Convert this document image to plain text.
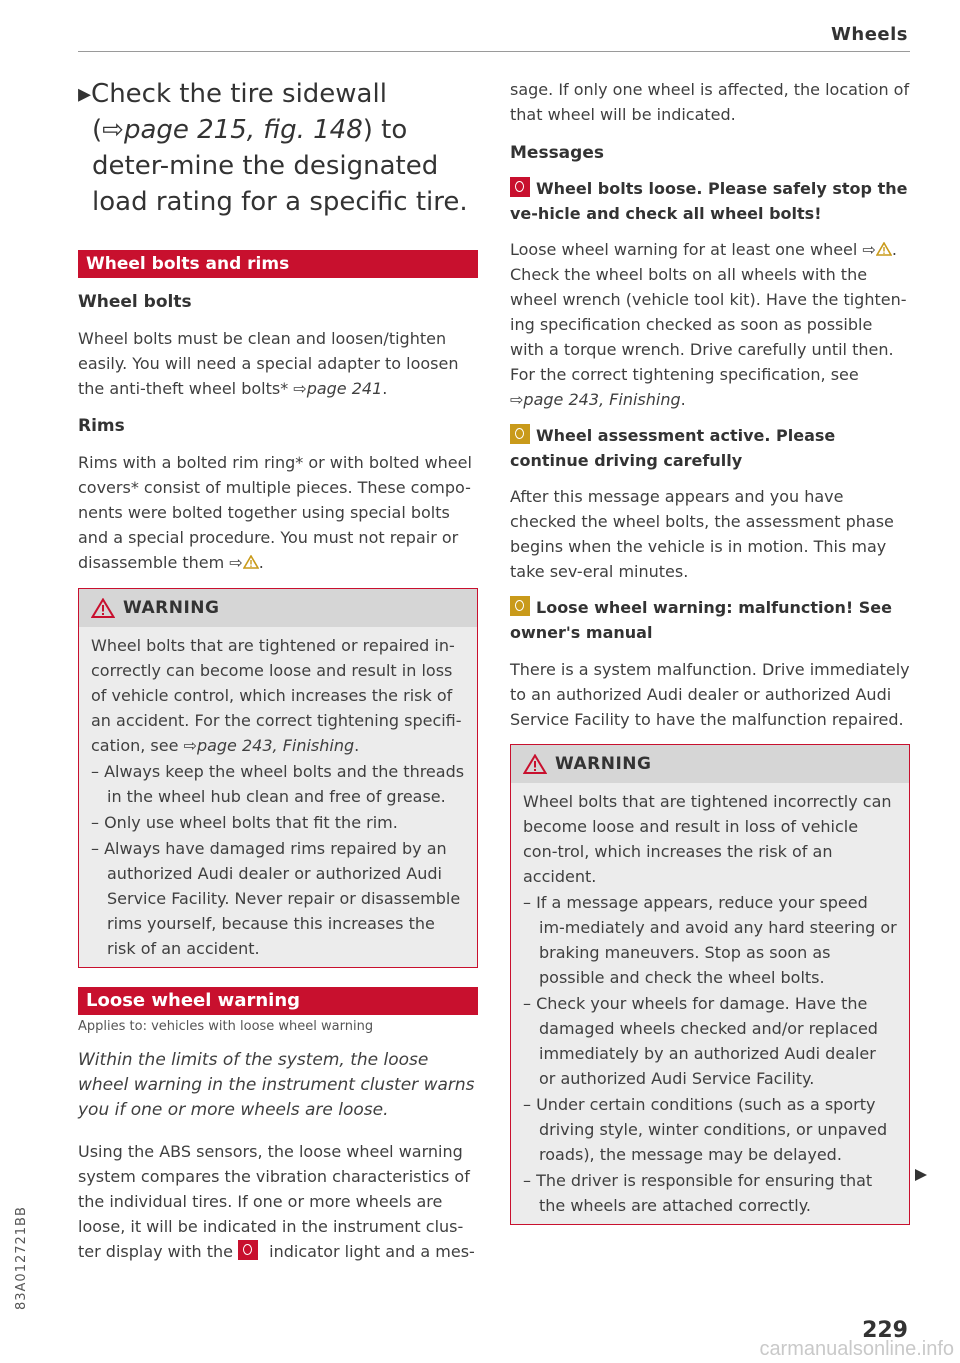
Wheels

▸Check the tire sidewall (⇨page 215, fig. 148) to deter-mine the designated load rating for a specific tire.

Wheel bolts and rims

Wheel bolts

Wheel bolts must be clean and loosen/tighten easily. You will need a special adapter to loosen the anti-theft wheel bolts* ⇨page 241.

Rims

Rims with a bolted rim ring* or with bolted wheel covers* consist of multiple pieces. These compo-nents were bolted together using special bolts and a special procedure. You must not repair or disassemble them ⇨ .

WARNING

Wheel bolts that are tightened or repaired in-correctly can become loose and result in loss of vehicle control, which increases the risk of an accident. For the correct tightening specifi-cation, see ⇨page 243, Finishing.

– Always keep the wheel bolts and the threads in the wheel hub clean and free of grease.

– Only use wheel bolts that fit the rim.

– Always have damaged rims repaired by an authorized Audi dealer or authorized Audi Service Facility. Never repair or disassemble rims yourself, because this increases the risk of an accident.

Loose wheel warning

Applies to: vehicles with loose wheel warning

Within the limits of the system, the loose wheel warning in the instrument cluster warns you if one or more wheels are loose.

Using the ABS sensors, the loose wheel warning system compares the vibration characteristics of the individual tires. If one or more wheels are loose, it will be indicated in the instrument clus-ter display with the
indicator light and a mes-

sage. If only one wheel is affected, the location of that wheel will be indicated.

Messages

Wheel bolts loose. Please safely stop the ve-hicle and check all wheel bolts!

Loose wheel warning for at least one wheel ⇨ . Check the wheel bolts on all wheels with the wheel wrench (vehicle tool kit). Have the tighten-ing specification checked as soon as possible with a torque wrench. Drive carefully until then. For the correct tightening specification, see ⇨page 243, Finishing.

Wheel assessment active. Please continue driving carefully

After this message appears and you have checked the wheel bolts, the assessment phase begins when the vehicle is in motion. This may take sev-eral minutes.

Loose wheel warning: malfunction! See owner's manual

There is a system malfunction. Drive immediately to an authorized Audi dealer or authorized Audi Service Facility to have the malfunction repaired.

WARNING

Wheel bolts that are tightened incorrectly can become loose and result in loss of vehicle con-trol, which increases the risk of an accident.

– If a message appears, reduce your speed im-mediately and avoid any hard steering or braking maneuvers. Stop as soon as possible and check the wheel bolts.

– Check your wheels for damage. Have the damaged wheels checked and/or replaced immediately by an authorized Audi dealer or authorized Audi Service Facility.

– Under certain conditions (such as a sporty driving style, winter conditions, or unpaved roads), the message may be delayed.

– The driver is responsible for ensuring that the wheels are attached correctly.

83A012721BB
229
carmanualsonline.info
